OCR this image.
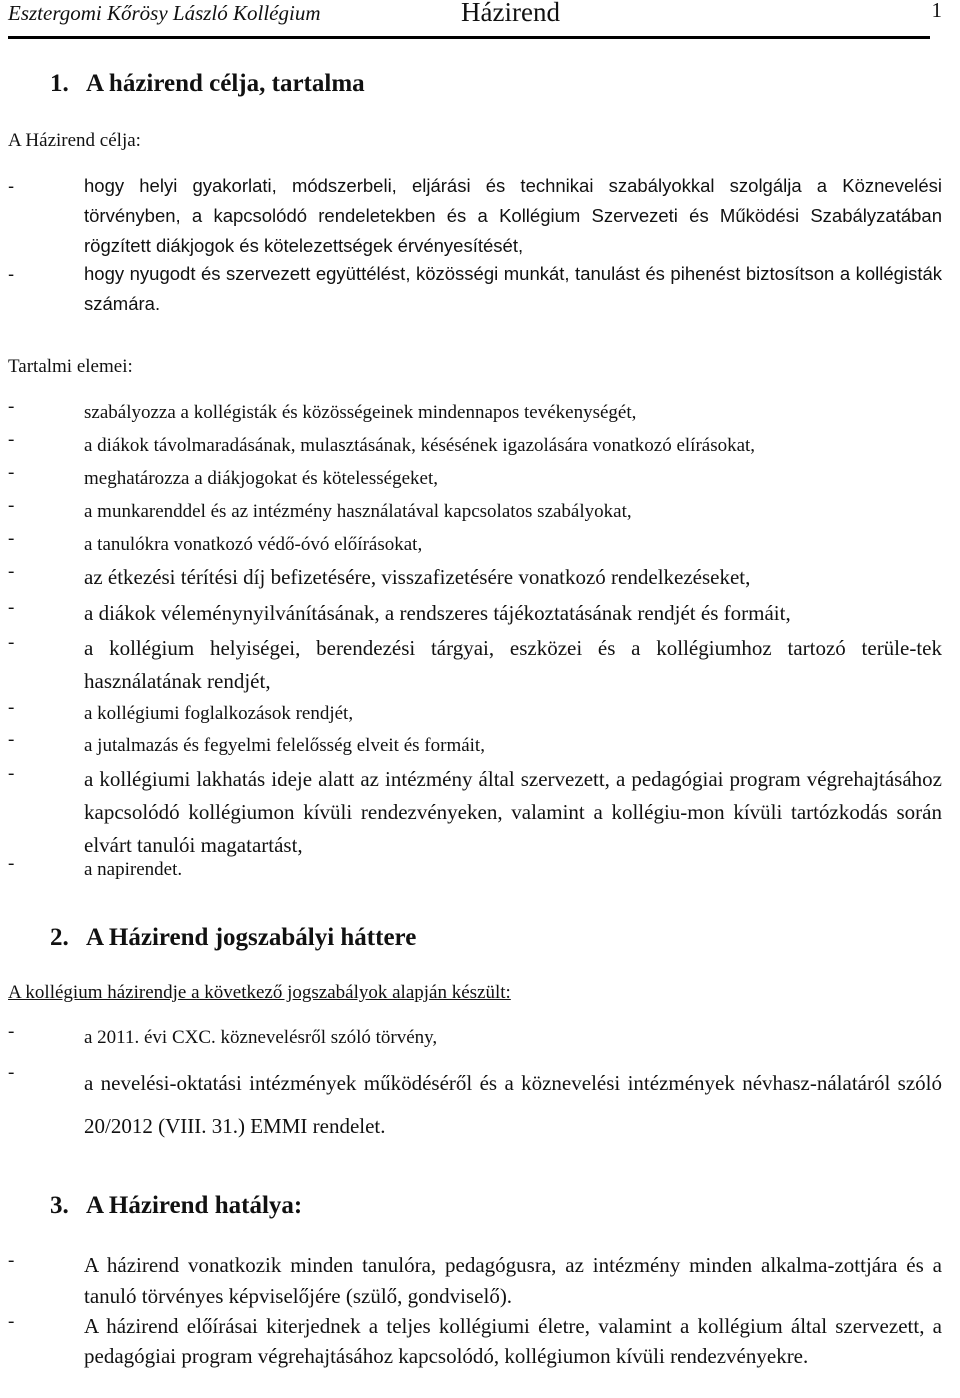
Esztergomi Kőrösy László Kollégium	Házirend	1
1. A házirend célja, tartalma
A Házirend célja:
-	hogy helyi gyakorlati, módszerbeli, eljárási és technikai szabályokkal szolgálja a Köznevelési törvényben, a kapcsolódó rendeletekben és a Kollégium Szervezeti és Működési Szabályzatában rögzített diákjogok és kötelezettségek érvényesítését,
-	hogy nyugodt és szervezett együttélést, közösségi munkát, tanulást és pihenést biztosítson a kollégisták számára.
Tartalmi elemei:
-	szabályozza a kollégisták és közösségeinek mindennapos tevékenységét,
-	a diákok távolmaradásának, mulasztásának, késésének igazolására vonatkozó elírásokat,
-	meghatározza a diákjogokat és kötelességeket,
-	a munkarenddel és az intézmény használatával kapcsolatos szabályokat,
-	a tanulókra vonatkozó védő-óvó előírásokat,
-	az étkezési térítési díj befizetésére, visszafizetésére vonatkozó rendelkezéseket,
-	a diákok véleménynyilvánításának, a rendszeres tájékoztatásának rendjét és formáit,
-	a kollégium helyiségei, berendezési tárgyai, eszközei és a kollégiumhoz tartozó terüle-tek használatának rendjét,
-	a kollégiumi foglalkozások rendjét,
-	a jutalmazás és fegyelmi felelősség elveit és formáit,
-	a kollégiumi lakhatás ideje alatt az intézmény által szervezett, a pedagógiai program végrehajtásához kapcsolódó kollégiumon kívüli rendezvényeken, valamint a kollégiu-mon kívüli tartózkodás során elvárt tanulói magatartást,
-	a napirendet.
2. A Házirend jogszabályi háttere
A kollégium házirendje a következő jogszabályok alapján készült:
-	a 2011. évi CXC. köznevelésről szóló törvény,
-	a nevelési-oktatási intézmények működéséről és a köznevelési intézmények névhasz-nálatáról szóló 20/2012 (VIII. 31.) EMMI rendelet.
3. A Házirend hatálya:
-	A házirend vonatkozik minden tanulóra, pedagógusra, az intézmény minden alkalma-zottjára és a tanuló törvényes képviselőjére (szülő, gondviselő).
-	A házirend előírásai kiterjednek a teljes kollégiumi életre, valamint a kollégium által szervezett, a pedagógiai program végrehajtásához kapcsolódó, kollégiumon kívüli rendezvényekre.
